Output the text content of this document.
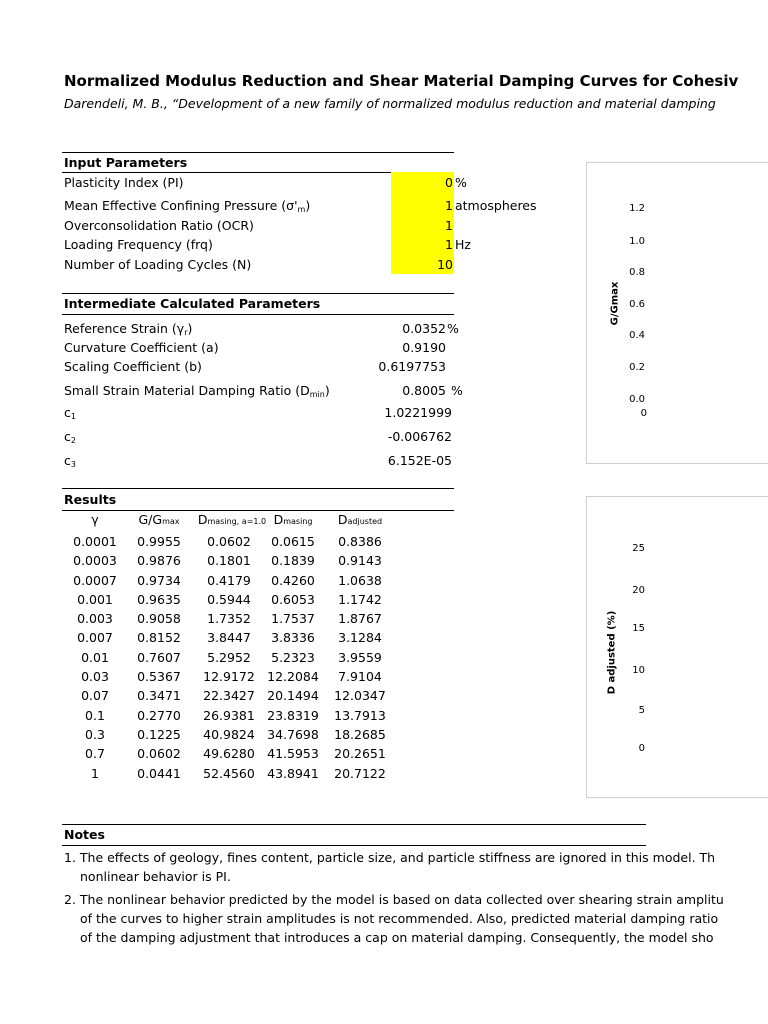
Normalized Modulus Reduction and Shear Material Damping Curves for Cohesiv
Darendeli, M. B., “Development of a new family of normalized modulus reduction and material damping
Input Parameters
Plasticity Index (PI)	0 %
Mean Effective Confining Pressure $(\sigma'_m)$	1 atmospheres
Overconsolidation Ratio (OCR)	1
Loading Frequency (frq)	1 Hz
Number of Loading Cycles (N)	10
Intermediate Calculated Parameters
Reference Strain $(\gamma_r)$	0.0352 %
Curvature Coefficient (a)	0.9190
Scaling Coefficient (b)	0.6197753
Small Strain Material Damping Ratio $(D_{min})$	0.8005 %
$c_1$	1.0221999
$c_2$	-0.006762
$c_3$	6.152E-05
Results
γ	G/Gmax	Dmasing, a=1.0 Dmasing	Dadjusted
0.0001	0.9955	0.0602	0.0615	0.8386
0.0003	0.9876	0.1801	0.1839	0.9143
0.0007	0.9734	0.4179	0.4260	1.0638
0.001	0.9635	0.5944	0.6053	1.1742
0.003	0.9058	1.7352	1.7537	1.8767
0.007	0.8152	3.8447	3.8336	3.1284
0.01	0.7607	5.2952	5.2323	3.9559
0.03	0.5367	12.9172 12.2084	7.9104
0.07	0.3471	22.3427 20.1494	12.0347
0.1	0.2770	26.9381 23.8319	13.7913
0.3	0.1225	40.9824 34.7698	18.2685
0.7	0.0602	49.6280 41.5953	20.2651
1	0.0441	52.4560 43.8941	20.7122
G/Gmax
1.2
1.0
0.8
0.6
0.4
0.2
0.0
0
D adjusted (%)
25
20
15
10
5
0
Notes
1. The effects of geology, fines content, particle size, and particle stiffness are ignored in this model. Th
nonlinear behavior is PI.
2. The nonlinear behavior predicted by the model is based on data collected over shearing strain amplitu
of the curves to higher strain amplitudes is not recommended. Also, predicted material damping ratio
of the damping adjustment that introduces a cap on material damping. Consequently, the model sho
